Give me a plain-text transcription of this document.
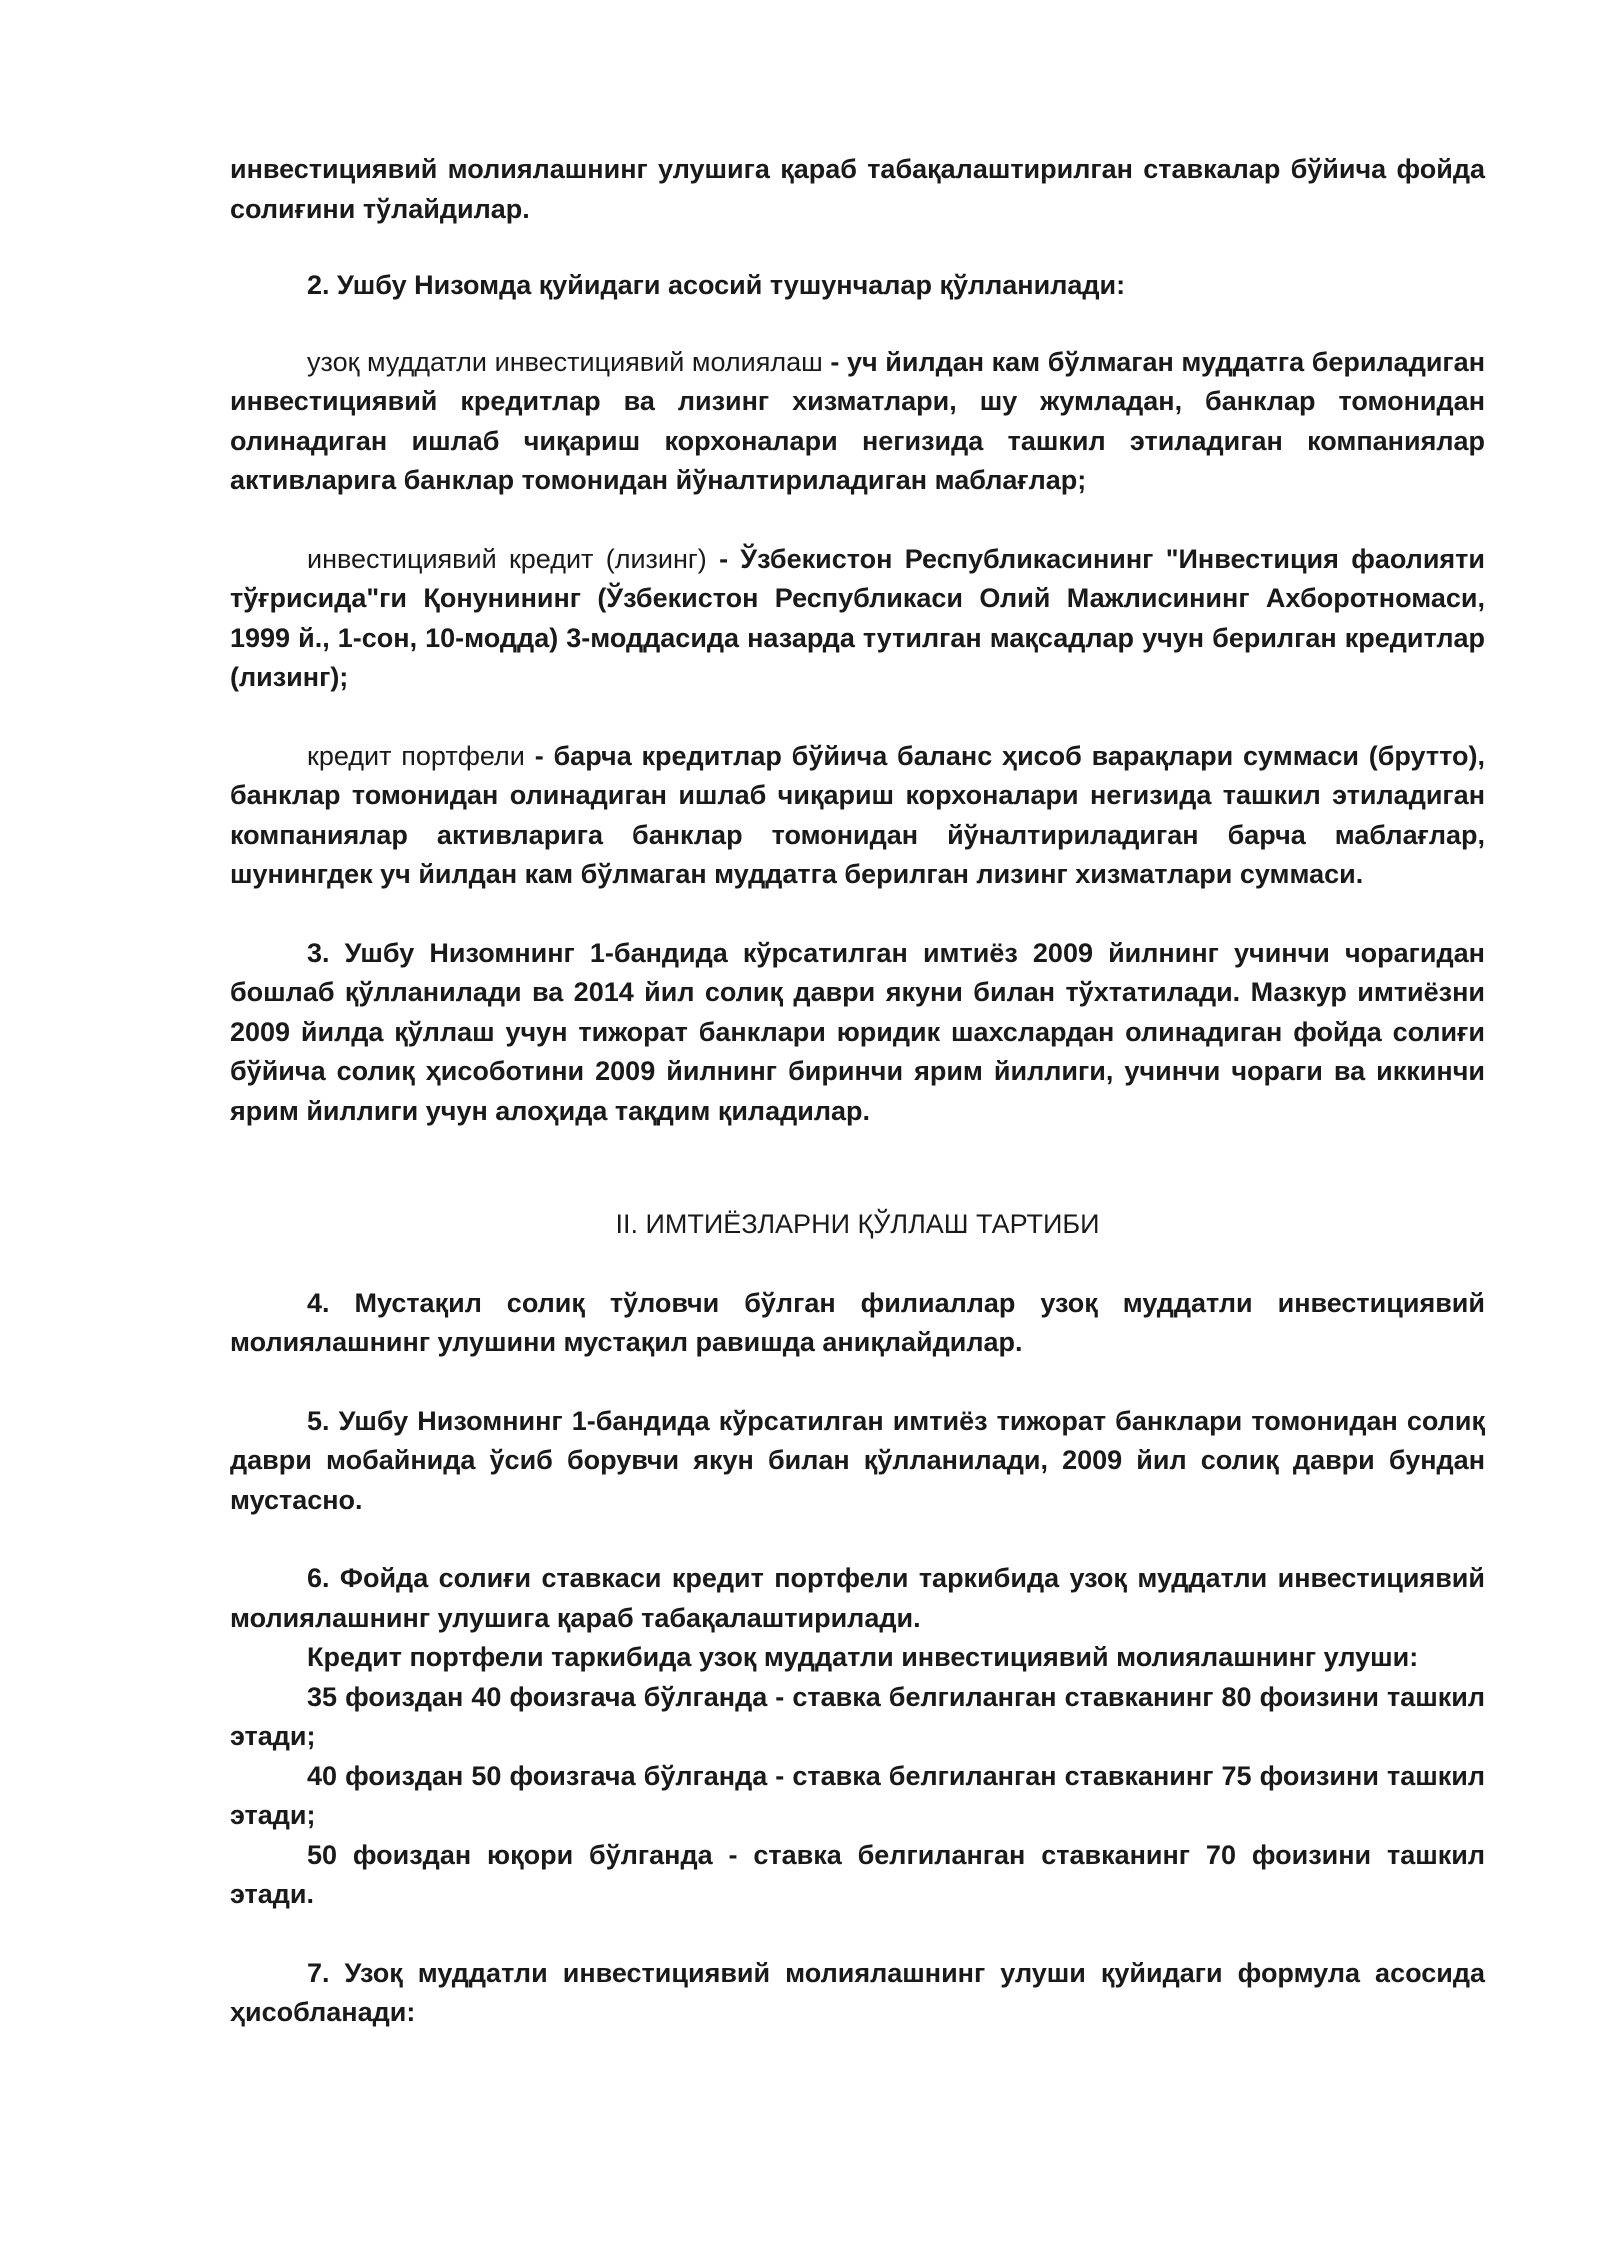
инвестициявий молиялашнинг улушига қараб табақалаштирилган ставкалар бўйича фойда солиғини тўлайдилар.

2. Ушбу Низомда қуйидаги асосий тушунчалар қўлланилади:

узоқ муддатли инвестициявий молиялаш - уч йилдан кам бўлмаган муддатга бериладиган инвестициявий кредитлар ва лизинг хизматлари, шу жумладан, банклар томонидан олинадиган ишлаб чиқариш корхоналари негизида ташкил этиладиган компаниялар активларига банклар томонидан йўналтириладиган маблағлар;

инвестициявий кредит (лизинг) - Ўзбекистон Республикасининг "Инвестиция фаолияти тўғрисида"ги Қонунининг (Ўзбекистон Республикаси Олий Мажлисининг Ахборотномаси, 1999 й., 1-сон, 10-модда) 3-моддасида назарда тутилган мақсадлар учун берилган кредитлар (лизинг);

кредит портфели - барча кредитлар бўйича баланс ҳисоб варақлари суммаси (брутто), банклар томонидан олинадиган ишлаб чиқариш корхоналари негизида ташкил этиладиган компаниялар активларига банклар томонидан йўналтириладиган барча маблағлар, шунингдек уч йилдан кам бўлмаган муддатга берилган лизинг хизматлари суммаси.

3. Ушбу Низомнинг 1-бандида кўрсатилган имтиёз 2009 йилнинг учинчи чорагидан бошлаб қўлланилади ва 2014 йил солиқ даври якуни билан тўхтатилади. Мазкур имтиёзни 2009 йилда қўллаш учун тижорат банклари юридик шахслардан олинадиган фойда солиғи бўйича солиқ ҳисоботини 2009 йилнинг биринчи ярим йиллиги, учинчи чораги ва иккинчи ярим йиллиги учун алоҳида тақдим қиладилар.

II. ИМТИЁЗЛАРНИ ҚЎЛЛАШ ТАРТИБИ

4. Мустақил солиқ тўловчи бўлган филиаллар узоқ муддатли инвестициявий молиялашнинг улушини мустақил равишда аниқлайдилар.

5. Ушбу Низомнинг 1-бандида кўрсатилган имтиёз тижорат банклари томонидан солиқ даври мобайнида ўсиб борувчи якун билан қўлланилади, 2009 йил солиқ даври бундан мустасно.

6. Фойда солиғи ставкаси кредит портфели таркибида узоқ муддатли инвестициявий молиялашнинг улушига қараб табақалаштирилади.

Кредит портфели таркибида узоқ муддатли инвестициявий молиялашнинг улуши:

35 фоиздан 40 фоизгача бўлганда - ставка белгиланган ставканинг 80 фоизини ташкил этади;

40 фоиздан 50 фоизгача бўлганда - ставка белгиланган ставканинг 75 фоизини ташкил этади;

50 фоиздан юқори бўлганда - ставка белгиланган ставканинг 70 фоизини ташкил этади.

7. Узоқ муддатли инвестициявий молиялашнинг улуши қуйидаги формула асосида ҳисобланади:
